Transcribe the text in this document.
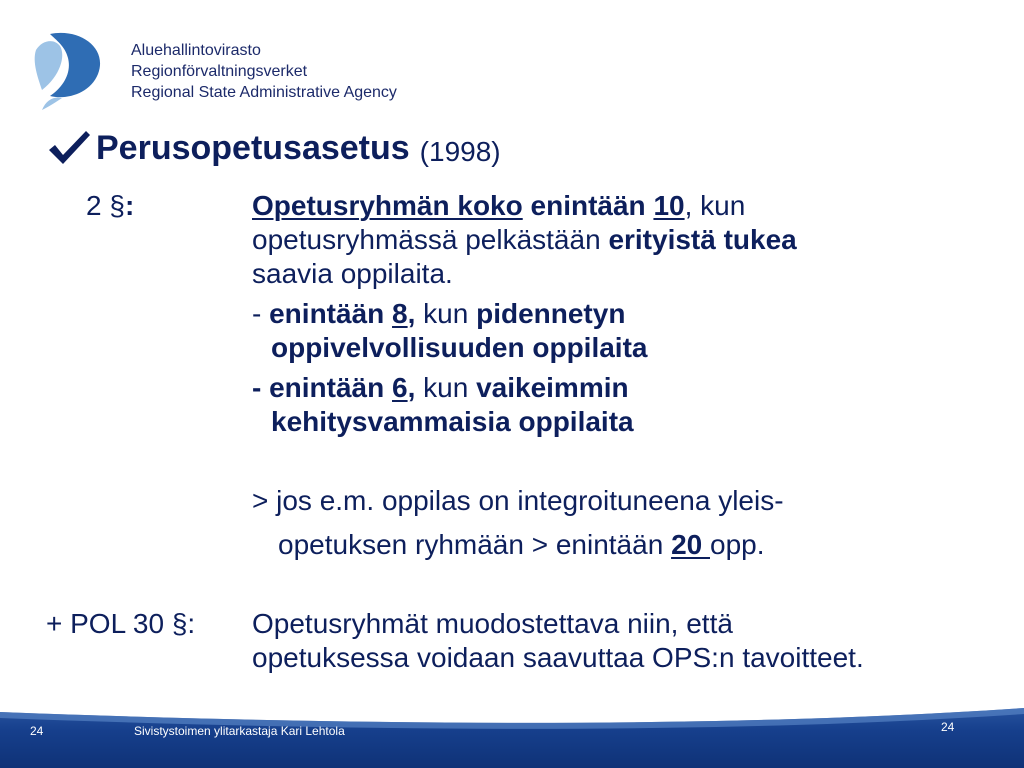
Aluehallintovirasto
Regionförvaltningsverket
Regional State Administrative Agency
Perusopetusasetus (1998)
2 §:	Opetusryhmän koko enintään 10, kun
opetusryhmässä pelkästään erityistä tukea
saavia oppilaita.
- enintään 8, kun pidennetyn
oppivelvollisuuden oppilaita
- enintään 6, kun vaikeimmin
kehitysvammaisia oppilaita
> jos e.m. oppilas on integroituneena yleis-
opetuksen ryhmään > enintään 20 opp.
+ POL 30 §: Opetusryhmät muodostettava niin, että
opetuksessa voidaan saavuttaa OPS:n tavoitteet.
24	Sivistystoimen ylitarkastaja Kari Lehtola	24
